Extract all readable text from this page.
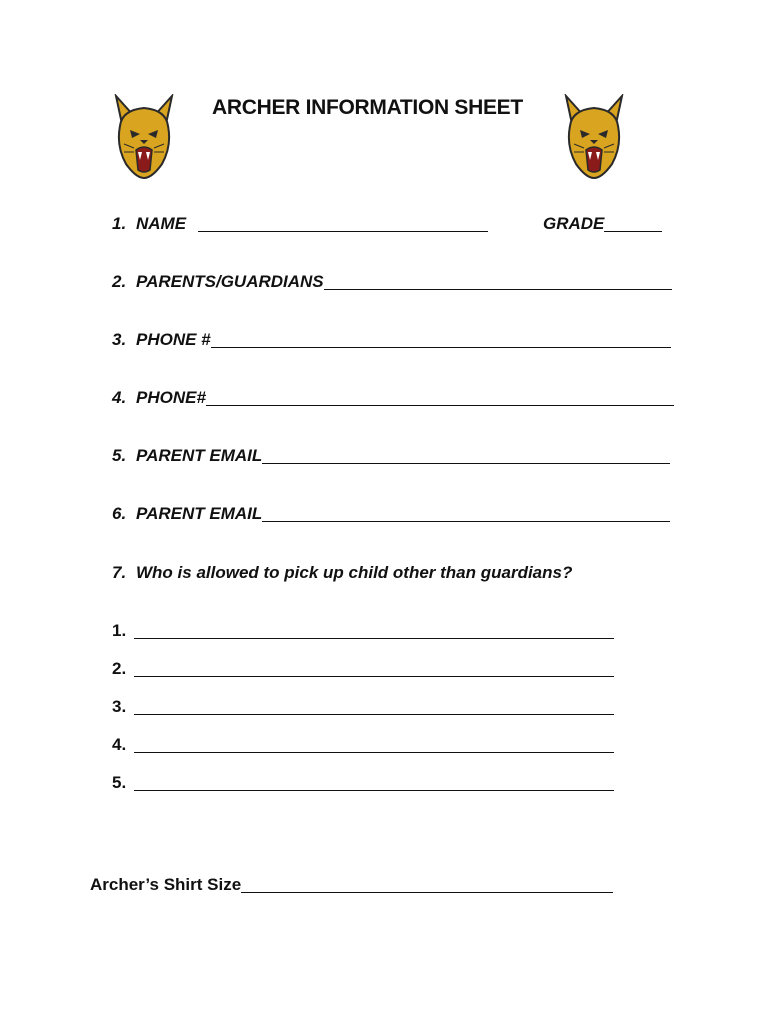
ARCHER INFORMATION SHEET
1. NAME	GRADE
2. PARENTS/GUARDIANS
3. PHONE #
4. PHONE#
5. PARENT EMAIL
6. PARENT EMAIL
7. Who is allowed to pick up child other than guardians?
1.
2.
3.
4.
5.
Archer’s Shirt Size
